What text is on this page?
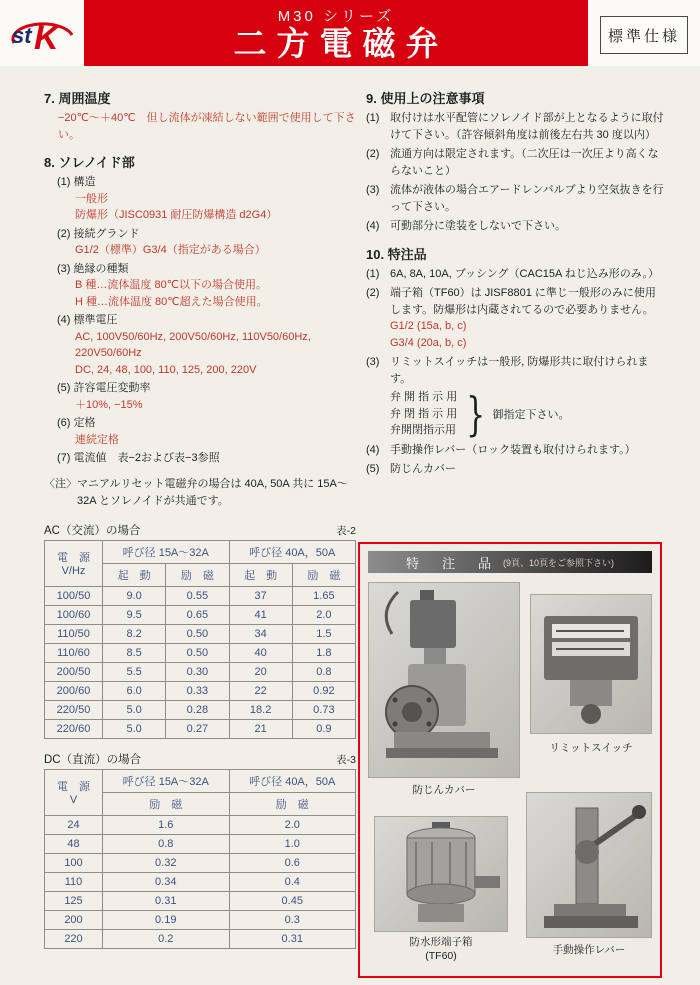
st K
M30 シリーズ
二方電磁弁	標準仕様
7. 周囲温度
−20℃〜＋40℃　但し流体が凍結しない範囲で使用して下さい。
8. ソレノイド部
(1) 構造
一般形
防爆形（JISC0931 耐圧防爆構造 d2G4）
(2) 接続グランド
G1/2（標準）G3/4（指定がある場合）
(3) 絶縁の種類
B 種…流体温度 80℃以下の場合使用。
H 種…流体温度 80℃超えた場合使用。
(4) 標準電圧
AC, 100V50/60Hz, 200V50/60Hz, 110V50/60Hz, 220V50/60Hz
DC, 24, 48, 100, 110, 125, 200, 220V
(5) 許容電圧変動率
＋10%, −15%
(6) 定格
連続定格
(7) 電流値　表−2および表−3参照
〈注〉マニアルリセット電磁弁の場合は 40A, 50A 共に 15A〜32A とソレノイドが共通です。
AC（交流）の場合	表-2
電　源
V/Hz	呼び径 15A〜32A		呼び径 40A，50A	
	起　動	励　磁	起　動	励　磁
100/50	9.0	0.55	37	1.65
100/60	9.5	0.65	41	2.0
110/50	8.2	0.50	34	1.5
110/60	8.5	0.50	40	1.8
200/50	5.5	0.30	20	0.8
200/60	6.0	0.33	22	0.92
220/50	5.0	0.28	18.2	0.73
220/60	5.0	0.27	21	0.9
DC（直流）の場合	表-3
電　源
V	呼び径 15A〜32A	呼び径 40A，50A
	励　磁	励　磁
24	1.6	2.0
48	0.8	1.0
100	0.32	0.6
110	0.34	0.4
125	0.31	0.45
200	0.19	0.3
220	0.2	0.31
9. 使用上の注意事項
(1) 取付けは水平配管にソレノイド部が上となるように取付けて下さい。（許容傾斜角度は前後左右共 30 度以内）
(2) 流通方向は限定されます。（二次圧は一次圧より高くならないこと）
(3) 流体が液体の場合エアードレンバルブより空気抜きを行って下さい。
(4) 可動部分に塗装をしないで下さい。
10. 特注品
(1) 6A, 8A, 10A, ブッシング（CAC15A ねじ込み形のみ。）
(2) 端子箱（TF60）は JISF8801 に準じ一般形のみに使用します。防爆形は内蔵されてるので必要ありません。
G1/2 (15a, b, c)
G3/4 (20a, b, c)
(3) リミットスイッチは一般形, 防爆形共に取付けられます。
弁 開 指 示 用
弁 閉 指 示 用
弁開閉指示用 } 御指定下さい。
(4) 手動操作レバー（ロック装置も取付けられます。）
(5) 防じんカバー
特　注　品 (9頁、10頁をご参照下さい)
防じんカバー
リミットスイッチ
防水形端子箱
(TF60)	手動操作レバー
